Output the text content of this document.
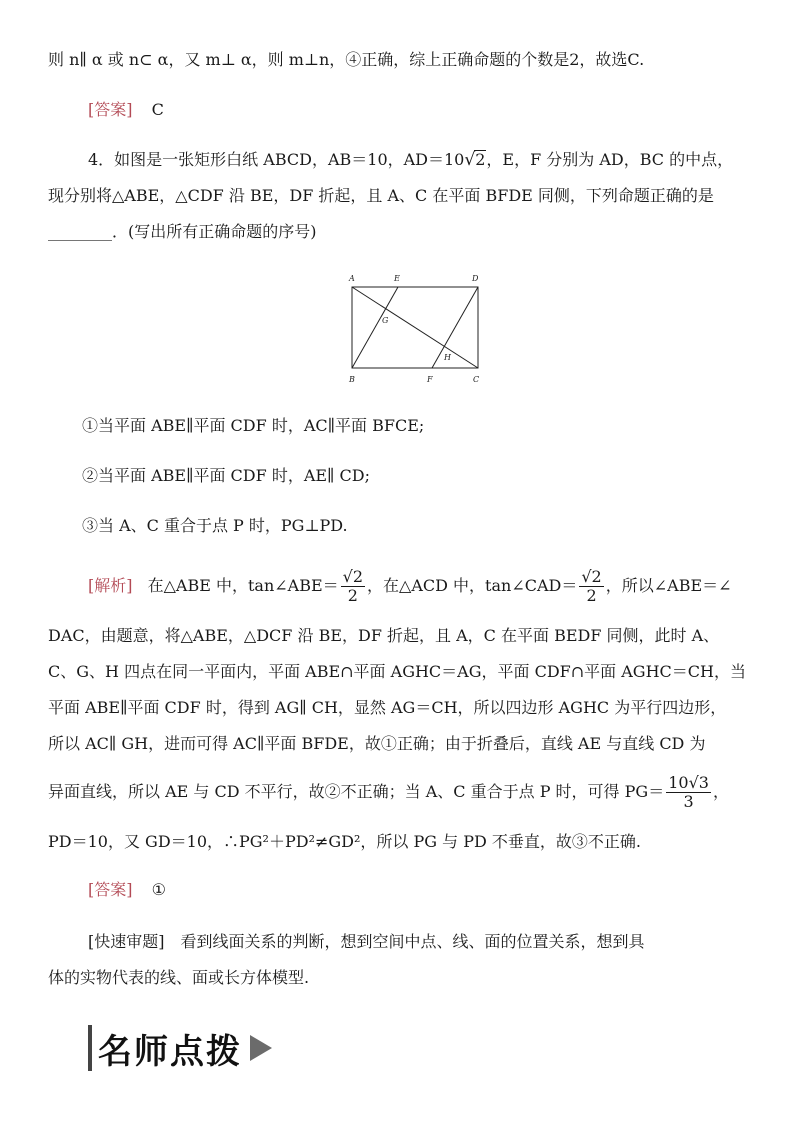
则 n∥ α 或 n⊂ α，又 m⊥ α，则 m⊥n，④正确，综上正确命题的个数是2，故选C.
[答案] C
4．如图是一张矩形白纸 ABCD，AB＝10，AD＝10√2，E，F 分别为 AD，BC 的中点，
现分别将△ABE，△CDF 沿 BE，DF 折起，且 A、C 在平面 BFDE 同侧，下列命题正确的是
________．(写出所有正确命题的序号)
A	E	D
B	F	C
G
H
①当平面 ABE∥平面 CDF 时，AC∥平面 BFCE;
②当平面 ABE∥平面 CDF 时，AE∥ CD;
③当 A、C 重合于点 P 时，PG⊥PD.
[解析] 在△ABE 中，tan∠ABE＝ $\frac{√2}{2}$ ，在△ACD 中，tan∠CAD＝ $\frac{√2}{2}$ ，所以∠ABE＝∠
DAC，由题意，将△ABE，△DCF 沿 BE，DF 折起，且 A，C 在平面 BEDF 同侧，此时 A、
C、G、H 四点在同一平面内，平面 ABE∩平面 AGHC＝AG，平面 CDF∩平面 AGHC＝CH，当
平面 ABE∥平面 CDF 时，得到 AG∥ CH，显然 AG＝CH，所以四边形 AGHC 为平行四边形，
所以 AC∥ GH，进而可得 AC∥平面 BFDE，故①正确；由于折叠后，直线 AE 与直线 CD 为
异面直线，所以 AE 与 CD 不平行，故②不正确；当 A、C 重合于点 P 时，可得 $PG= \frac{10√3}{3}$ ，
PD＝10，又 GD＝10，∴PG²＋PD²≠GD²，所以 PG 与 PD 不垂直，故③不正确.
[答案] ①
[快速审题]　看到线面关系的判断，想到空间中点、线、面的位置关系，想到具
体的实物代表的线、面或长方体模型.
名师点拨
